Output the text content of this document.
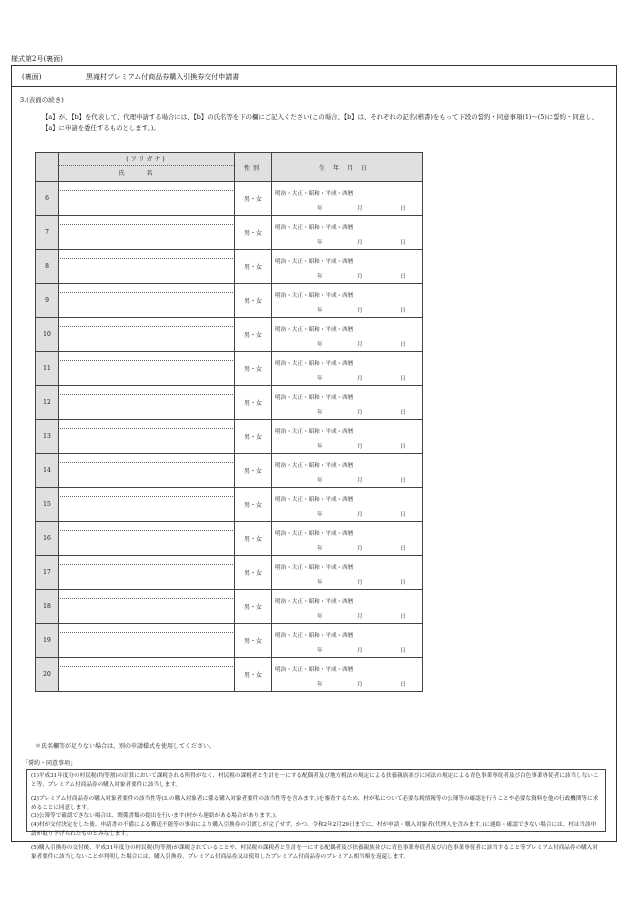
様式第2号(裏面)
(裏面)	黒滝村プレミアム付商品券購入引換券交付申請書
3.(表面の続き)
【a】が、【b】を代表して、代理申請する場合には、【b】の氏名等を下の欄にご記入ください(この場合、【b】は、それぞれの記名(楷書)をもって下段の誓約・同意事項(1)～(5)に誓約・同意し、【a】に申請を委任するものとします。)。

	(フリガナ)
氏名	性別	生年月日
6		男・女	明治・大正・昭和・平成・西暦
年 月 日

7		男・女	明治・大正・昭和・平成・西暦
年 月 日

8		男・女	明治・大正・昭和・平成・西暦
年 月 日

9		男・女	明治・大正・昭和・平成・西暦
年 月 日

10		男・女	明治・大正・昭和・平成・西暦
年 月 日

11		男・女	明治・大正・昭和・平成・西暦
年 月 日

12		男・女	明治・大正・昭和・平成・西暦
年 月 日

13		男・女	明治・大正・昭和・平成・西暦
年 月 日

14		男・女	明治・大正・昭和・平成・西暦
年 月 日

15		男・女	明治・大正・昭和・平成・西暦
年 月 日

16		男・女	明治・大正・昭和・平成・西暦
年 月 日

17		男・女	明治・大正・昭和・平成・西暦
年 月 日

18		男・女	明治・大正・昭和・平成・西暦
年 月 日

19		男・女	明治・大正・昭和・平成・西暦
年 月 日

20		男・女	明治・大正・昭和・平成・西暦
年 月 日
＊氏名欄等が足りない場合は、別の申請様式を使用してください。
「誓約・同意事項」

(1)平成31年度分の村民税(均等割)の計算において課税される所得がなく、村民税の課税者と生計を一にする配偶者及び地方税法の規定による扶養親族並びに同法の規定による青色事業専従者及び白色事業専従者に該当しないこと等、プレミアム付商品券の購入対象者要件に該当します。

(2)プレミアム付商品券の購入対象者要件の該当性等(3.の購入対象者に係る購入対象者要件の該当性等を含みます。)を審査するため、村が私について必要な税情報等の公簿等の確認を行うことや必要な資料を他の行政機関等に求めることに同意します。

(3)公簿等で確認できない場合は、関係書類の提出を行います(村から連絡がある場合があります。)。

(4)村が交付決定をした後、申請書の不備による郵送不能等の事由により購入引換券の引渡しが完了せず、かつ、令和2年2月29日までに、村が申請・購入対象者(代理人を含みます。)に連絡・確認できない場合には、村は当該申請が取り下げられたものとみなします。

(5)購入引換券の交付後、平成31年度分の村民税(均等割)が課税されていることや、村民税の課税者と生計を一にする配偶者及び扶養親族並びに青色事業専従者及び白色事業専従者に該当すること等プレミアム付商品券の購入対象者要件に該当しないことが判明した場合には、購入引換券、プレミアム付商品券又は使用したプレミアム付商品券のプレミアム相当額を返還します。
